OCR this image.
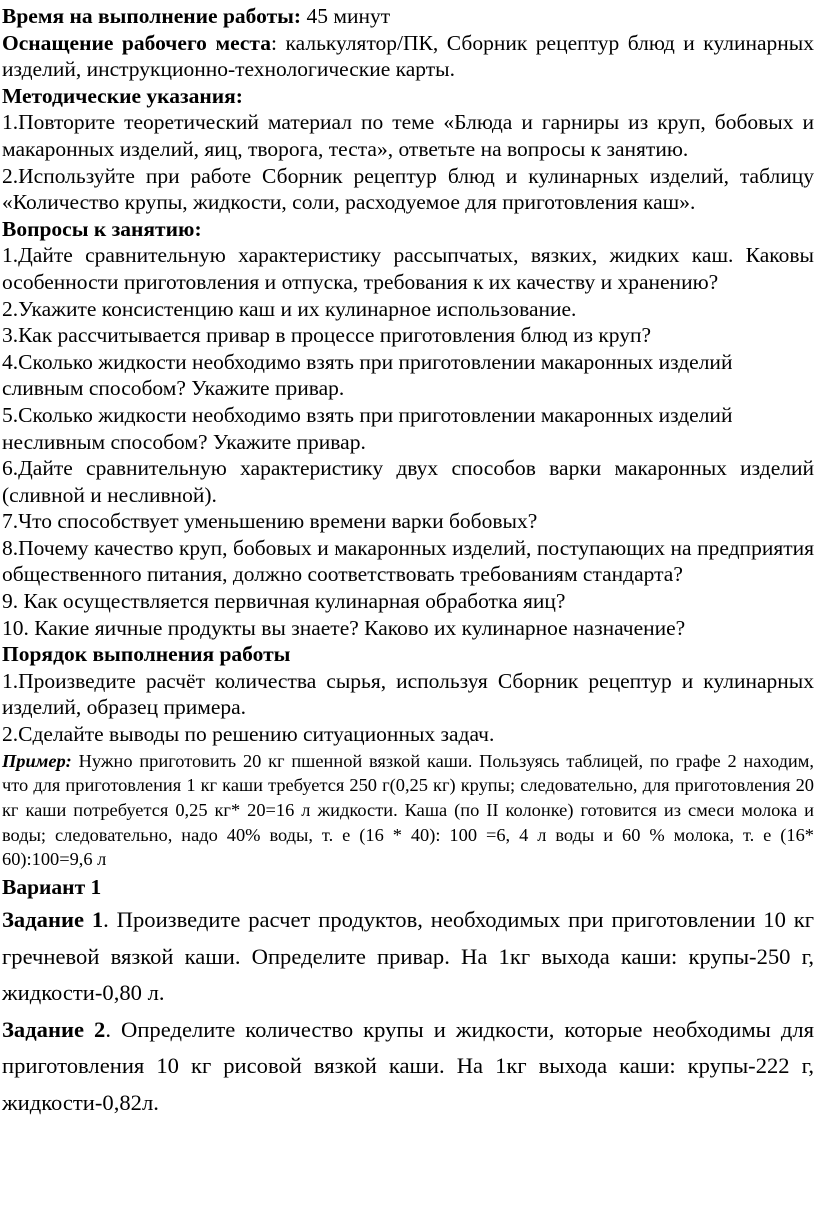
Время на выполнение работы: 45 минут

Оснащение рабочего места: калькулятор/ПК, Сборник рецептур блюд и кулинарных изделий, инструкционно-технологические карты.

Методические указания:

1.Повторите теоретический материал по теме «Блюда и гарниры из круп, бобовых и макаронных изделий, яиц, творога, теста», ответьте на вопросы к занятию.

2.Используйте при работе Сборник рецептур блюд и кулинарных изделий, таблицу «Количество крупы, жидкости, соли, расходуемое для приготовления каш».

Вопросы к занятию:

1.Дайте сравнительную характеристику рассыпчатых, вязких, жидких каш. Каковы особенности приготовления и отпуска, требования к их качеству и хранению?

2.Укажите консистенцию каш и их кулинарное использование.

3.Как рассчитывается привар в процессе приготовления блюд из круп?

4.Сколько жидкости необходимо взять при приготовлении макаронных изделий сливным способом? Укажите привар.

5.Сколько жидкости необходимо взять при приготовлении макаронных изделий несливным способом? Укажите привар.

6.Дайте сравнительную характеристику двух способов варки макаронных изделий (сливной и несливной).

7.Что способствует уменьшению времени варки бобовых?

8.Почему качество круп, бобовых и макаронных изделий, поступающих на предприятия общественного питания, должно соответствовать требованиям стандарта?

9. Как осуществляется первичная кулинарная обработка яиц?

10. Какие яичные продукты вы знаете? Каково их кулинарное назначение?

Порядок выполнения работы

1.Произведите расчёт количества сырья, используя Сборник рецептур и кулинарных изделий, образец примера.

2.Сделайте выводы по решению ситуационных задач.

Пример: Нужно приготовить 20 кг пшенной вязкой каши. Пользуясь таблицей, по графе 2 находим, что для приготовления 1 кг каши требуется 250 г(0,25 кг) крупы; следовательно, для приготовления 20 кг каши потребуется 0,25 кг* 20=16 л жидкости. Каша (по ІІ колонке) готовится из смеси молока и воды; следовательно, надо 40% воды, т. е (16 * 40): 100 =6, 4 л воды и 60 % молока, т. е (16* 60):100=9,6 л

Вариант 1

Задание 1. Произведите расчет продуктов, необходимых при приготовлении 10 кг гречневой вязкой каши. Определите привар. На 1кг выхода каши: крупы-250 г, жидкости-0,80 л.

Задание 2. Определите количество крупы и жидкости, которые необходимы для приготовления 10 кг рисовой вязкой каши. На 1кг выхода каши: крупы-222 г, жидкости-0,82л.
